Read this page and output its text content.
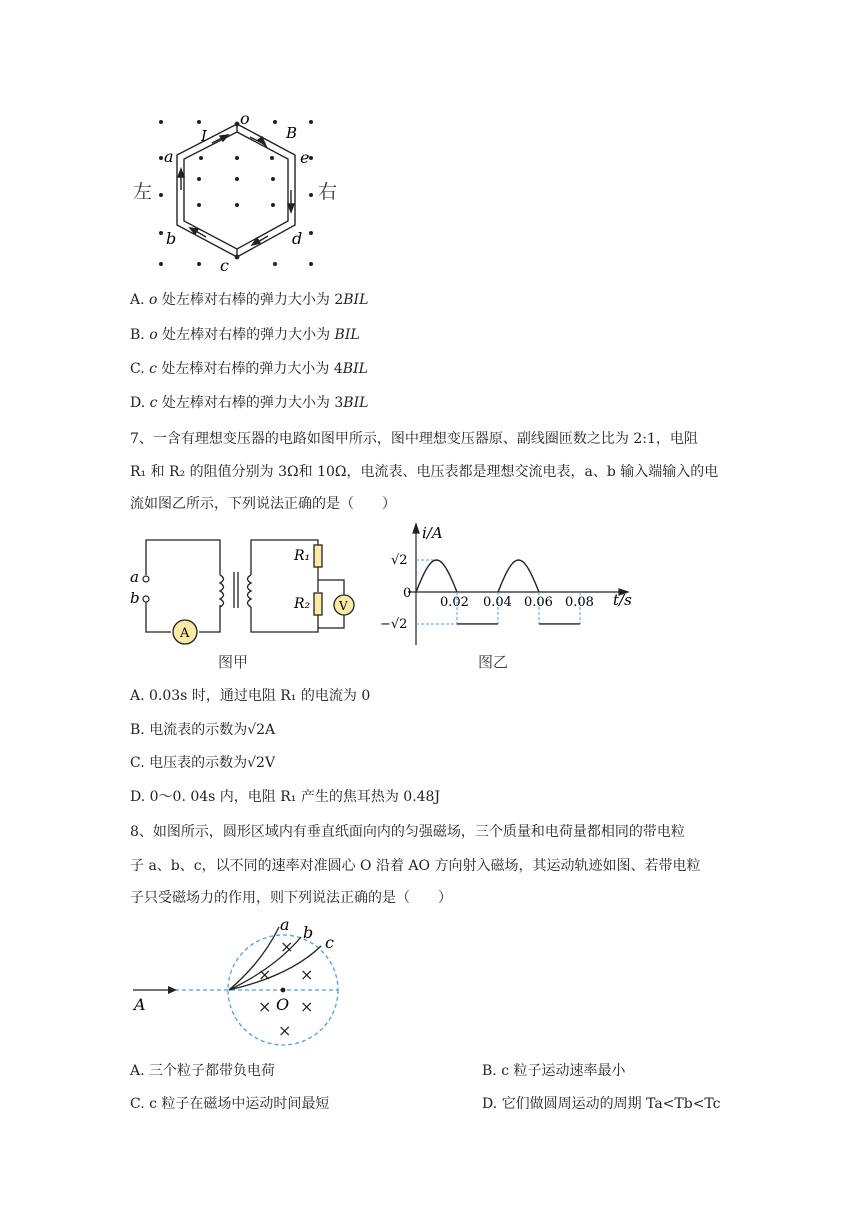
左	右
o
I	B
a	e
b	d
c
A. o 处左棒对右棒的弹力大小为 2BIL
B. o 处左棒对右棒的弹力大小为 BIL
C. c 处左棒对右棒的弹力大小为 4BIL
D. c 处左棒对右棒的弹力大小为 3BIL
7、一含有理想变压器的电路如图甲所示，图中理想变压器原、副线圈匝数之比为 2:1，电阻
R₁ 和 R₂ 的阻值分别为 3Ω和 10Ω，电流表、电压表都是理想交流电表，a、b 输入端输入的电
流如图乙所示，下列说法正确的是（　　）
a
b
A
V
R₁
R₂
图甲
i/A
t/s
√2
0
−√2
0.02 0.04 0.06 0.08
图乙
A. 0.03s 时，通过电阻 R₁ 的电流为 0
B. 电流表的示数为√2A
C. 电压表的示数为√2V
D. 0～0. 04s 内，电阻 R₁ 产生的焦耳热为 0.48J
8、如图所示，圆形区域内有垂直纸面向内的匀强磁场，三个质量和电荷量都相同的带电粒
子 a、b、c，以不同的速率对准圆心 O 沿着 AO 方向射入磁场，其运动轨迹如图、若带电粒
子只受磁场力的作用，则下列说法正确的是（　　）
×
× ×
× ×
×
A	O
a b
c
A. 三个粒子都带负电荷	B. c 粒子运动速率最小
C. c 粒子在磁场中运动时间最短	D. 它们做圆周运动的周期 Ta<Tb<Tc
